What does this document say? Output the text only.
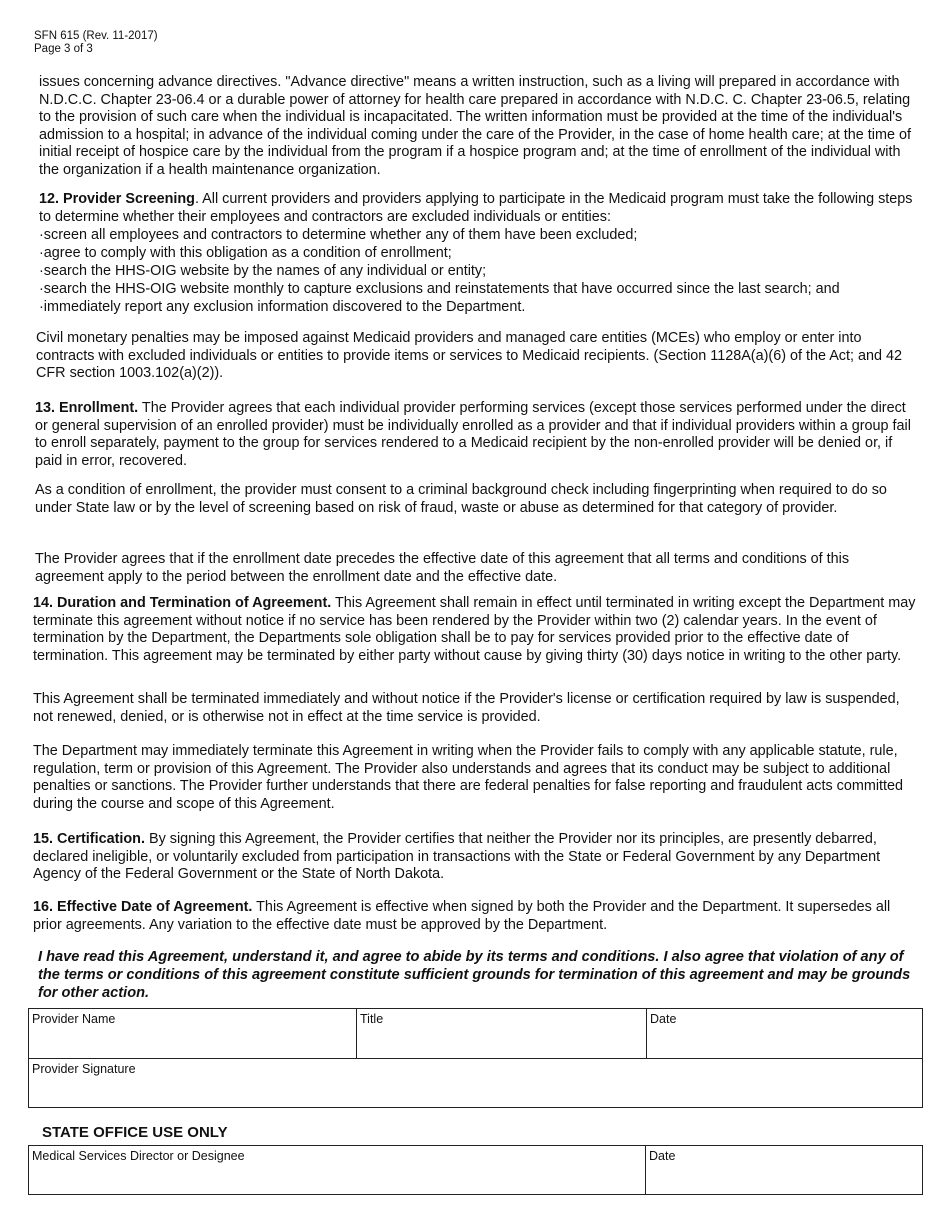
SFN 615 (Rev. 11-2017)
Page 3 of 3

issues concerning advance directives. "Advance directive" means a written instruction, such as a living will prepared in accordance with N.D.C.C. Chapter 23-06.4 or a durable power of attorney for health care prepared in accordance with N.D.C. C. Chapter 23-06.5, relating to the provision of such care when the individual is incapacitated. The written information must be provided at the time of the individual's admission to a hospital; in advance of the individual coming under the care of the Provider, in the case of home health care; at the time of initial receipt of hospice care by the individual from the program if a hospice program and; at the time of enrollment of the individual with the organization if a health maintenance organization.

12. Provider Screening. All current providers and providers applying to participate in the Medicaid program must take the following steps to determine whether their employees and contractors are excluded individuals or entities:

· screen all employees and contractors to determine whether any of them have been excluded;
· agree to comply with this obligation as a condition of enrollment;
· search the HHS-OIG website by the names of any individual or entity;
· search the HHS-OIG website monthly to capture exclusions and reinstatements that have occurred since the last search; and
· immediately report any exclusion information discovered to the Department.

Civil monetary penalties may be imposed against Medicaid providers and managed care entities (MCEs) who employ or enter into contracts with excluded individuals or entities to provide items or services to Medicaid recipients. (Section 1128A(a)(6) of the Act; and 42 CFR section 1003.102(a)(2)).

13. Enrollment. The Provider agrees that each individual provider performing services (except those services performed under the direct or general supervision of an enrolled provider) must be individually enrolled as a provider and that if individual providers within a group fail to enroll separately, payment to the group for services rendered to a Medicaid recipient by the non-enrolled provider will be denied or, if paid in error, recovered.

As a condition of enrollment, the provider must consent to a criminal background check including fingerprinting when required to do so under State law or by the level of screening based on risk of fraud, waste or abuse as determined for that category of provider.

The Provider agrees that if the enrollment date precedes the effective date of this agreement that all terms and conditions of this agreement apply to the period between the enrollment date and the effective date.

14. Duration and Termination of Agreement. This Agreement shall remain in effect until terminated in writing except the Department may terminate this agreement without notice if no service has been rendered by the Provider within two (2) calendar years. In the event of termination by the Department, the Departments sole obligation shall be to pay for services provided prior to the effective date of termination. This agreement may be terminated by either party without cause by giving thirty (30) days notice in writing to the other party.

This Agreement shall be terminated immediately and without notice if the Provider's license or certification required by law is suspended, not renewed, denied, or is otherwise not in effect at the time service is provided.

The Department may immediately terminate this Agreement in writing when the Provider fails to comply with any applicable statute, rule, regulation, term or provision of this Agreement. The Provider also understands and agrees that its conduct may be subject to additional penalties or sanctions. The Provider further understands that there are federal penalties for false reporting and fraudulent acts committed during the course and scope of this Agreement.

15. Certification. By signing this Agreement, the Provider certifies that neither the Provider nor its principles, are presently debarred, declared ineligible, or voluntarily excluded from participation in transactions with the State or Federal Government by any Department Agency of the Federal Government or the State of North Dakota.

16. Effective Date of Agreement. This Agreement is effective when signed by both the Provider and the Department. It supersedes all prior agreements. Any variation to the effective date must be approved by the Department.

I have read this Agreement, understand it, and agree to abide by its terms and conditions. I also agree that violation of any of the terms or conditions of this agreement constitute sufficient grounds for termination of this agreement and may be grounds for other action.
Provider Name	Title	Date
Provider Signature
STATE OFFICE USE ONLY
Medical Services Director or Designee	Date
